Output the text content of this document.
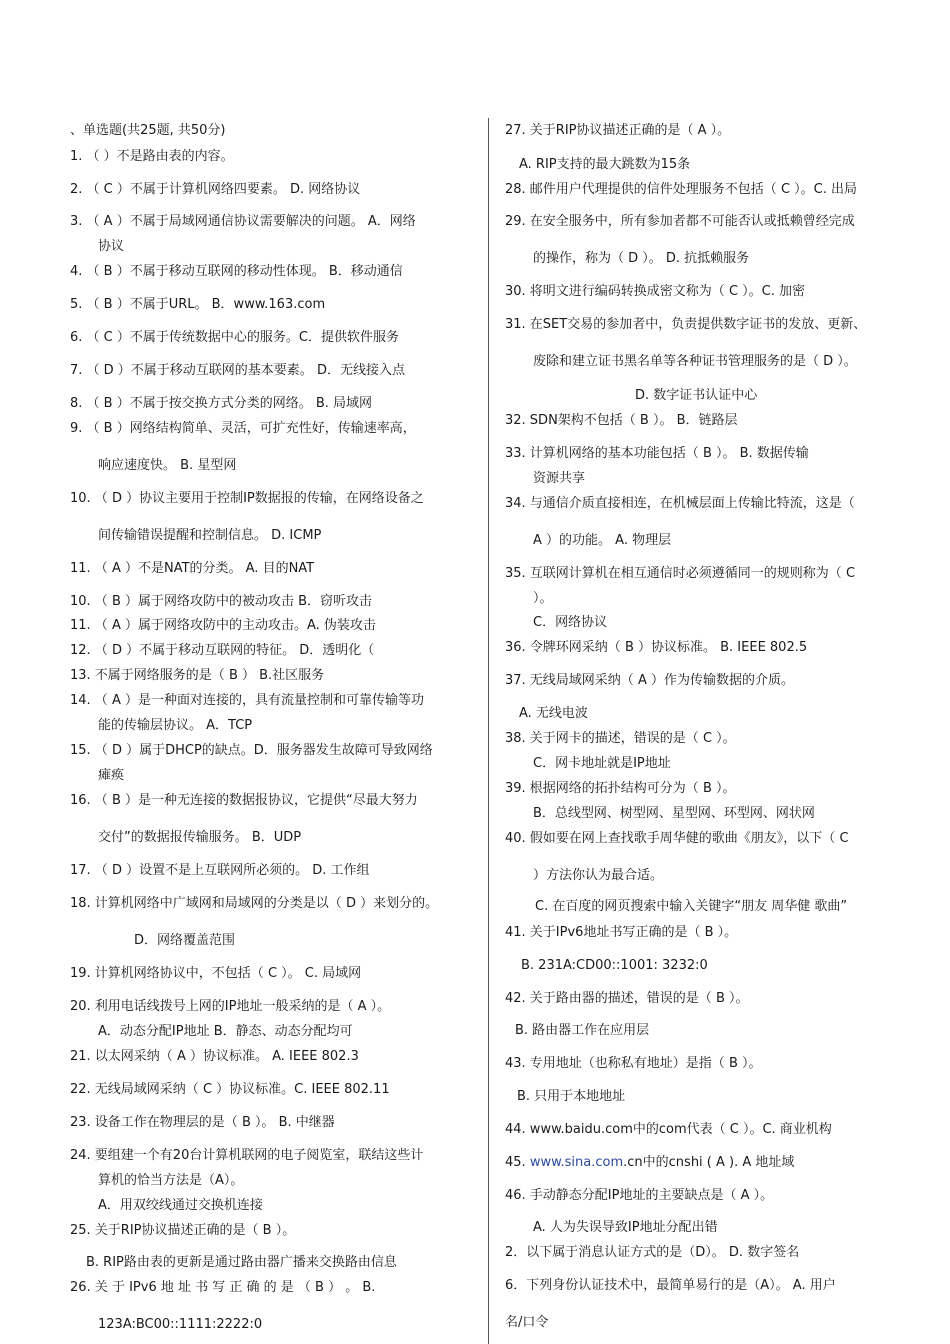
、单选题(共25题, 共50分)
1. （ ）不是路由表的内容。
2. （ C ）不属于计算机网络四要素。 D. 网络协议
3. （ A ）不属于局域网通信协议需要解决的问题。 A．网络
协议
4. （ B ）不属于移动互联网的移动性体现。 B．移动通信
5. （ B ）不属于URL。 B．www.163.com
6. （ C ）不属于传统数据中心的服务。C．提供软件服务
7. （ D ）不属于移动互联网的基本要素。 D．无线接入点
8. （ B ）不属于按交换方式分类的网络。 B. 局域网
9. （ B ）网络结构简单、灵活，可扩充性好，传输速率高，
响应速度快。 B. 星型网
10. （ D ）协议主要用于控制IP数据报的传输，在网络设备之
间传输错误提醒和控制信息。 D. ICMP
11. （ A ）不是NAT的分类。 A. 目的NAT
10. （ B ）属于网络攻防中的被动攻击 B．窃听攻击
11. （ A ）属于网络攻防中的主动攻击。A. 伪装攻击
12. （ D ）不属于移动互联网的特征。 D．透明化（
13. 不属于网络服务的是（ B ） B.社区服务
14. （ A ）是一种面对连接的，具有流量控制和可靠传输等功
能的传输层协议。 A．TCP
15. （ D ）属于DHCP的缺点。D．服务器发生故障可导致网络
瘫痪
16. （ B ）是一种无连接的数据报协议，它提供“尽最大努力
交付”的数据报传输服务。 B．UDP
17. （ D ）设置不是上互联网所必须的。 D. 工作组
18. 计算机网络中广域网和局域网的分类是以（ D ）来划分的。
D．网络覆盖范围
19. 计算机网络协议中，不包括（ C ）。 C. 局域网
20. 利用电话线拨号上网的IP地址一般采纳的是（ A ）。
A．动态分配IP地址 B．静态、动态分配均可
21. 以太网采纳（ A ）协议标准。 A. IEEE 802.3
22. 无线局域网采纳（ C ）协议标准。C. IEEE 802.11
23. 设备工作在物理层的是（ B ）。 B. 中继器
24. 要组建一个有20台计算机联网的电子阅览室，联结这些计
算机的恰当方法是（A）。
A．用双绞线通过交换机连接
25. 关于RIP协议描述正确的是（ B ）。
B. RIP路由表的更新是通过路由器广播来交换路由信息
26. 关 于 IPv6 地 址 书 写 正 确 的 是 （ B ） 。 B.
123A:BC00::1111:2222:0
27. 关于RIP协议描述正确的是（ A ）。
A. RIP支持的最大跳数为15条
28. 邮件用户代理提供的信件处理服务不包括（ C ）。C. 出局
29. 在安全服务中，所有参加者都不可能否认或抵赖曾经完成
的操作，称为（ D ）。 D. 抗抵赖服务
30. 将明文进行编码转换成密文称为（ C ）。C. 加密
31. 在SET交易的参加者中，负责提供数字证书的发放、更新、
废除和建立证书黑名单等各种证书管理服务的是（ D ）。
D. 数字证书认证中心
32. SDN架构不包括（ B ）。 B．链路层
33. 计算机网络的基本功能包括（ B ）。 B. 数据传输
资源共享
34. 与通信介质直接相连，在机械层面上传输比特流，这是（
A ）的功能。 A. 物理层
35. 互联网计算机在相互通信时必须遵循同一的规则称为（ C
）。
C．网络协议
36. 令牌环网采纳（ B ）协议标准。 B. IEEE 802.5
37. 无线局域网采纳（ A ）作为传输数据的介质。
A. 无线电波
38. 关于网卡的描述，错误的是（ C ）。
C．网卡地址就是IP地址
39. 根据网络的拓扑结构可分为（ B ）。
B．总线型网、树型网、星型网、环型网、网状网
40. 假如要在网上查找歌手周华健的歌曲《朋友》，以下（ C
）方法你认为最合适。
C. 在百度的网页搜索中输入关键字“朋友 周华健 歌曲”
41. 关于IPv6地址书写正确的是（ B ）。
B. 231A:CD00::1001: 3232:0
42. 关于路由器的描述，错误的是（ B ）。
B. 路由器工作在应用层
43. 专用地址（也称私有地址）是指（ B ）。
B. 只用于本地地址
44. www.baidu.com中的com代表（ C ）。C. 商业机构
45. www.sina.com.cn中的cnshi ( A ). A 地址域
46. 手动静态分配IP地址的主要缺点是（ A ）。
A. 人为失误导致IP地址分配出错
2．以下属于消息认证方式的是（D）。 D. 数字签名
6．下列身份认证技术中，最简单易行的是（A）。 A. 用户
名/口令
